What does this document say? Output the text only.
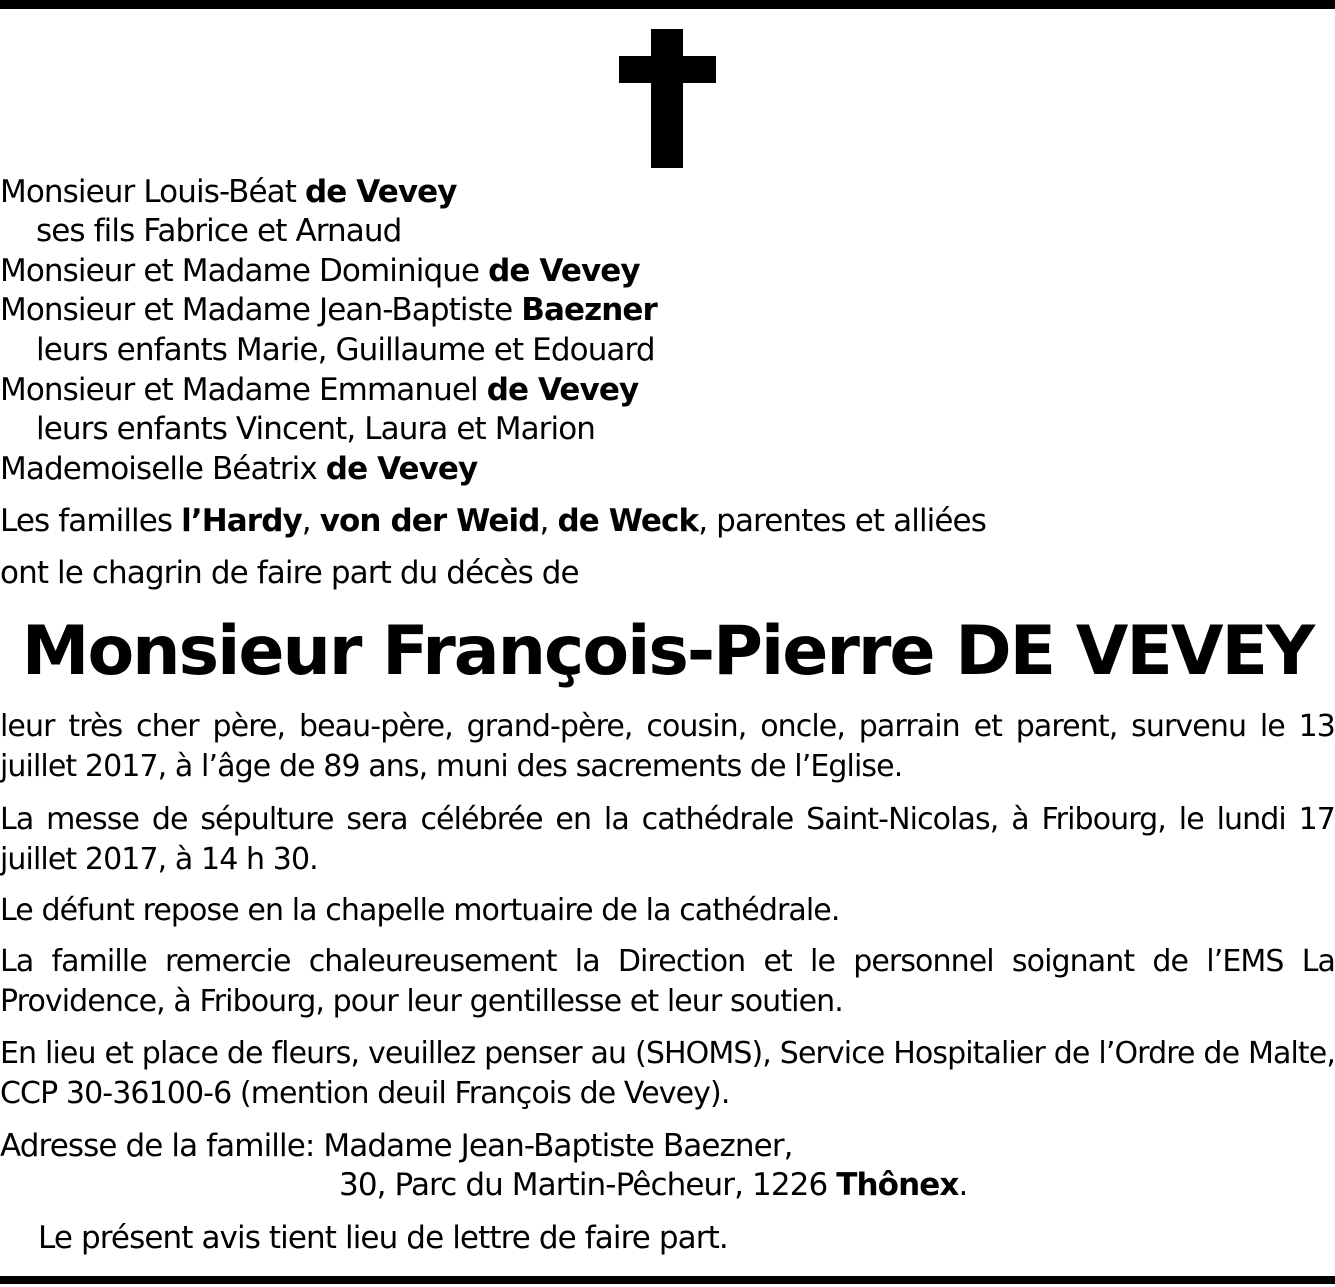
Monsieur Louis-Béat de Vevey
ses fils Fabrice et Arnaud
Monsieur et Madame Dominique de Vevey
Monsieur et Madame Jean-Baptiste Baezner
leurs enfants Marie, Guillaume et Edouard
Monsieur et Madame Emmanuel de Vevey
leurs enfants Vincent, Laura et Marion
Mademoiselle Béatrix de Vevey
Les familles l’Hardy, von der Weid, de Weck, parentes et alliées
ont le chagrin de faire part du décès de
Monsieur François-Pierre DE VEVEY
leur très cher père, beau-père, grand-père, cousin, oncle, parrain et parent, survenu le 13 juillet 2017, à l’âge de 89 ans, muni des sacrements de l’Eglise.
La messe de sépulture sera célébrée en la cathédrale Saint-Nicolas, à Fribourg, le lundi 17 juillet 2017, à 14 h 30.
Le défunt repose en la chapelle mortuaire de la cathédrale.
La famille remercie chaleureusement la Direction et le personnel soignant de l’EMS La Providence, à Fribourg, pour leur gentillesse et leur soutien.
En lieu et place de fleurs, veuillez penser au (SHOMS), Service Hospitalier de l’Ordre de Malte, CCP 30-36100-6 (mention deuil François de Vevey).
Adresse de la famille: Madame Jean-Baptiste Baezner,
30, Parc du Martin-Pêcheur, 1226 Thônex.
Le présent avis tient lieu de lettre de faire part.
